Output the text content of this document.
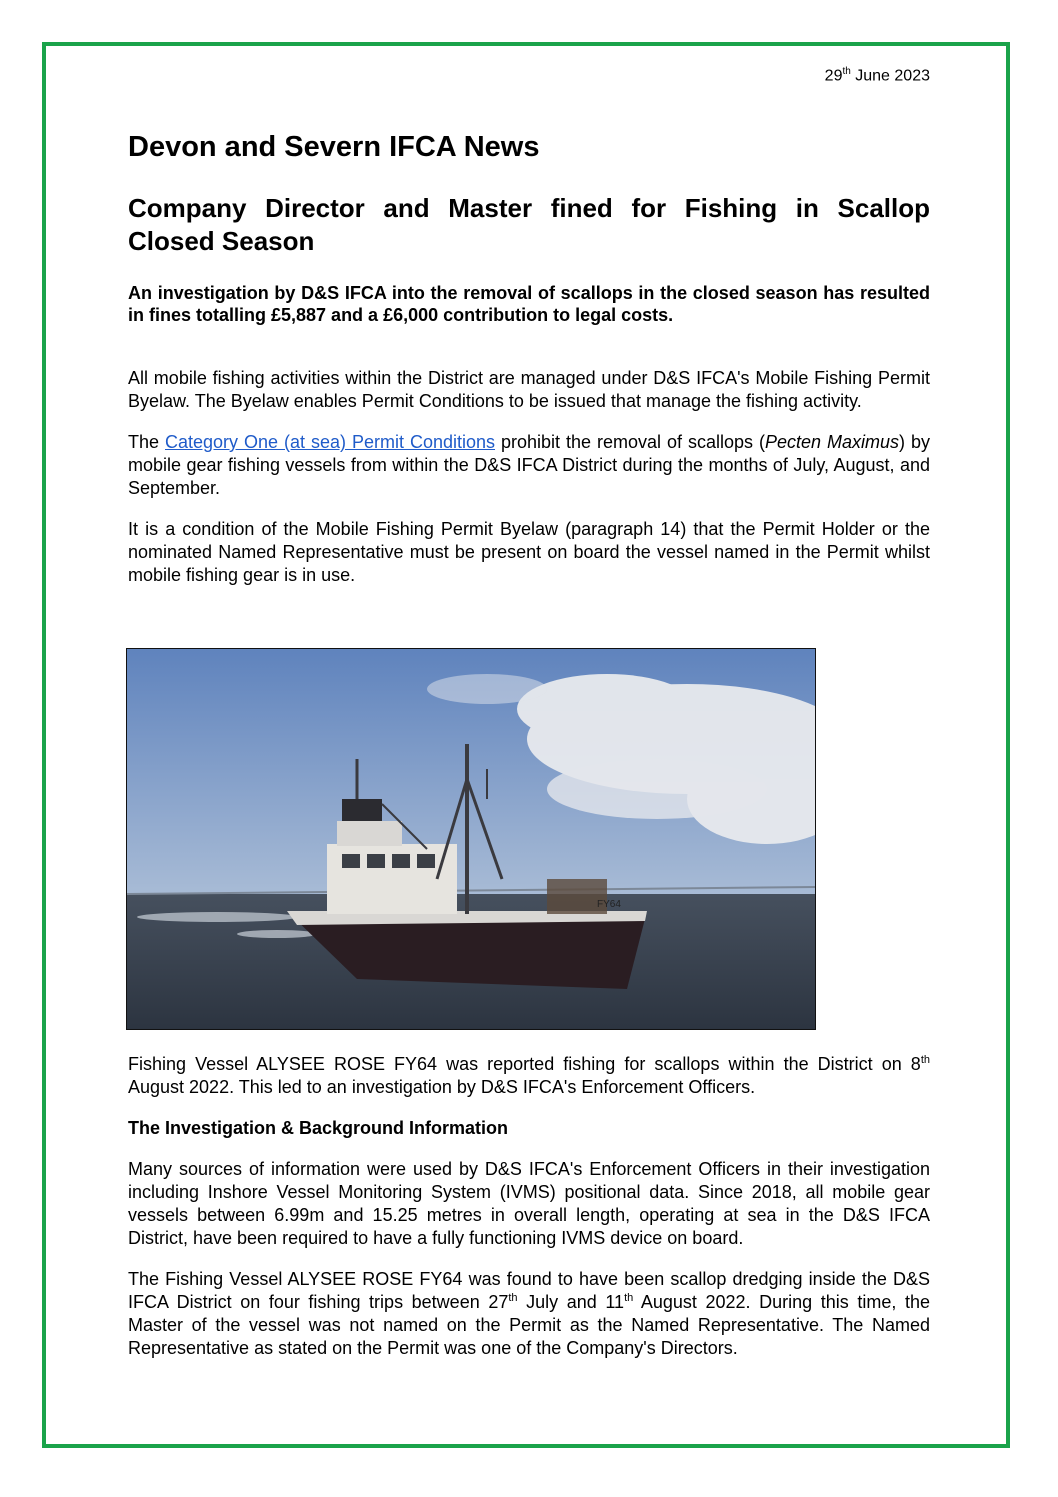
29th June 2023
Devon and Severn IFCA News
Company Director and Master fined for Fishing in Scallop Closed Season

An investigation by D&S IFCA into the removal of scallops in the closed season has resulted in fines totalling £5,887 and a £6,000 contribution to legal costs.

All mobile fishing activities within the District are managed under D&S IFCA's Mobile Fishing Permit Byelaw. The Byelaw enables Permit Conditions to be issued that manage the fishing activity.

The Category One (at sea) Permit Conditions prohibit the removal of scallops (Pecten Maximus) by mobile gear fishing vessels from within the D&S IFCA District during the months of July, August, and September.

It is a condition of the Mobile Fishing Permit Byelaw (paragraph 14) that the Permit Holder or the nominated Named Representative must be present on board the vessel named in the Permit whilst mobile fishing gear is in use.

FY64

Fishing Vessel ALYSEE ROSE FY64 was reported fishing for scallops within the District on 8th August 2022. This led to an investigation by D&S IFCA's Enforcement Officers.

The Investigation & Background Information

Many sources of information were used by D&S IFCA's Enforcement Officers in their investigation including Inshore Vessel Monitoring System (IVMS) positional data. Since 2018, all mobile gear vessels between 6.99m and 15.25 metres in overall length, operating at sea in the D&S IFCA District, have been required to have a fully functioning IVMS device on board.

The Fishing Vessel ALYSEE ROSE FY64 was found to have been scallop dredging inside the D&S IFCA District on four fishing trips between 27th July and 11th August 2022. During this time, the Master of the vessel was not named on the Permit as the Named Representative. The Named Representative as stated on the Permit was one of the Company's Directors.
